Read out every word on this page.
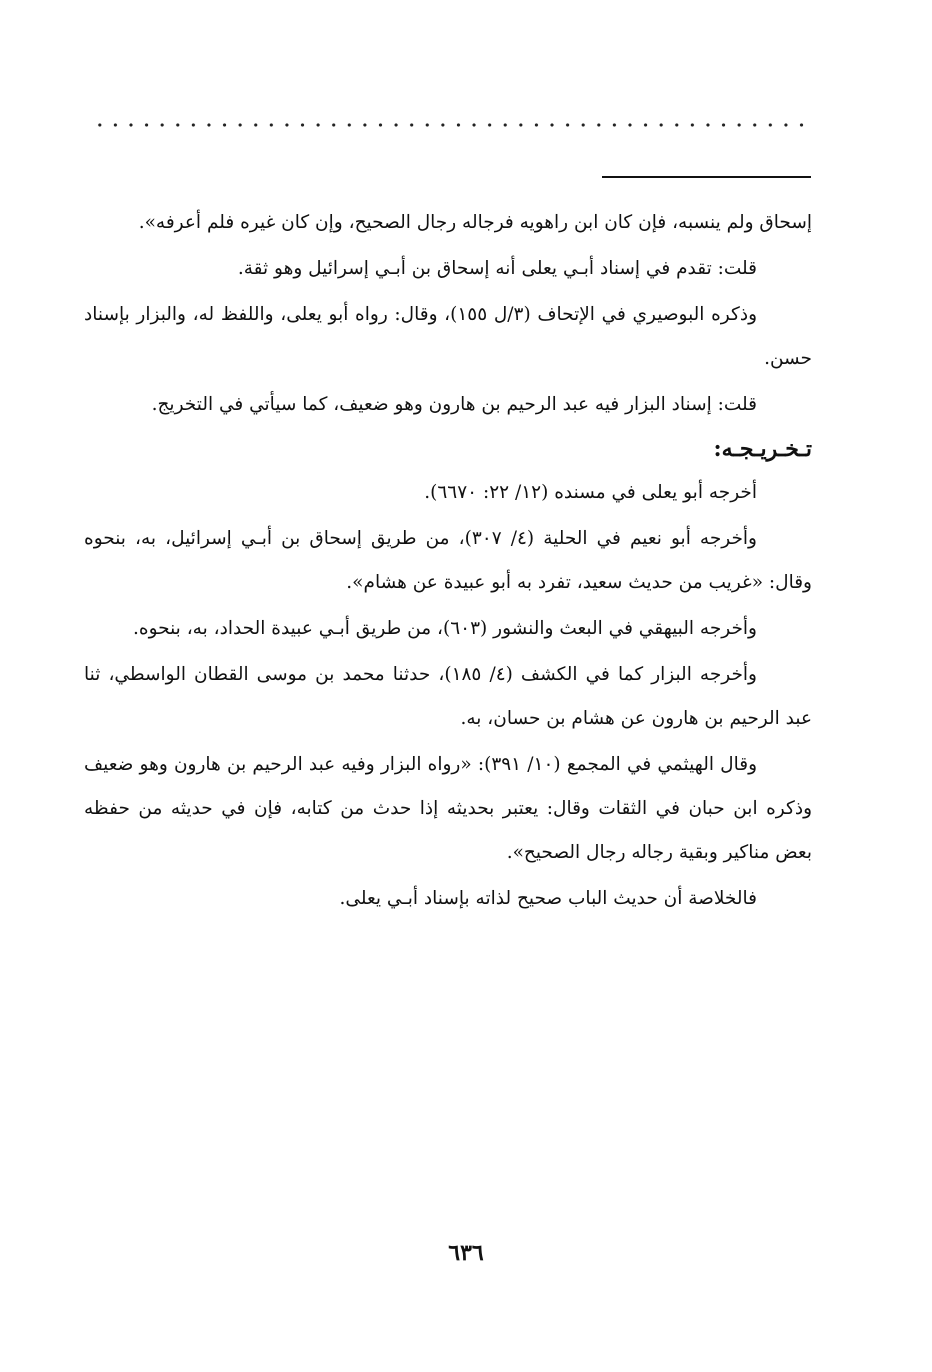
إسحاق ولم ينسبه، فإن كان ابن راهويه فرجاله رجال الصحيح، وإن كان غيره فلم أعرفه».

قلت: تقدم في إسناد أبـي يعلى أنه إسحاق بن أبـي إسرائيل وهو ثقة.

وذكره البوصيري في الإتحاف (٣/ل ١٥٥)، وقال: رواه أبو يعلى، واللفظ له، والبزار بإسناد حسن.

قلت: إسناد البزار فيه عبد الرحيم بن هارون وهو ضعيف، كما سيأتي في التخريج.

تـخـريـجـه:

أخرجه أبو يعلى في مسنده (١٢/ ٢٢: ٦٦٧٠).

وأخرجه أبو نعيم في الحلية (٤/ ٣٠٧)، من طريق إسحاق بن أبـي إسرائيل، به، بنحوه وقال: «غريب من حديث سعيد، تفرد به أبو عبيدة عن هشام».

وأخرجه البيهقي في البعث والنشور (٦٠٣)، من طريق أبـي عبيدة الحداد، به، بنحوه.

وأخرجه البزار كما في الكشف (٤/ ١٨٥)، حدثنا محمد بن موسى القطان الواسطي، ثنا عبد الرحيم بن هارون عن هشام بن حسان، به.

وقال الهيثمي في المجمع (١٠/ ٣٩١): «رواه البزار وفيه عبد الرحيم بن هارون وهو ضعيف وذكره ابن حبان في الثقات وقال: يعتبر بحديثه إذا حدث من كتابه، فإن في حديثه من حفظه بعض مناكير وبقية رجاله رجال الصحيح».

فالخلاصة أن حديث الباب صحيح لذاته بإسناد أبـي يعلى.

٦٣٦
